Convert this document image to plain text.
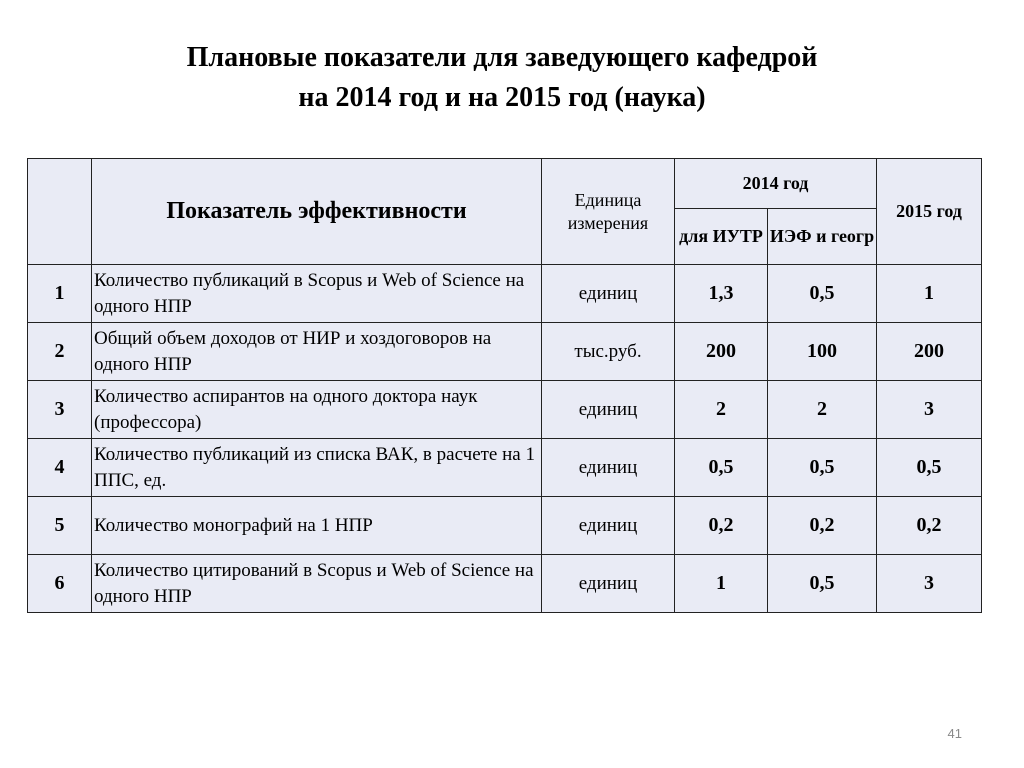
Плановые показатели для заведующего кафедрой
на 2014 год и на 2015 год (наука)
	Показатель эффективности	Единица измерения	2014 год		2015 год
			для ИУТР	ИЭФ и геогр	
1	Количество публикаций в Scopus и Web of Science на одного НПР	единиц	1,3	0,5	1
2	Общий объем доходов от НИР и хоздоговоров на одного НПР	тыс.руб.	200	100	200
3	Количество аспирантов на одного доктора наук (профессора)	единиц	2	2	3
4	Количество публикаций из списка ВАК, в расчете на 1 ППС, ед.	единиц	0,5	0,5	0,5
5	Количество монографий на 1 НПР	единиц	0,2	0,2	0,2
6	Количество цитирований в Scopus и Web of Science на одного НПР	единиц	1	0,5	3
41
